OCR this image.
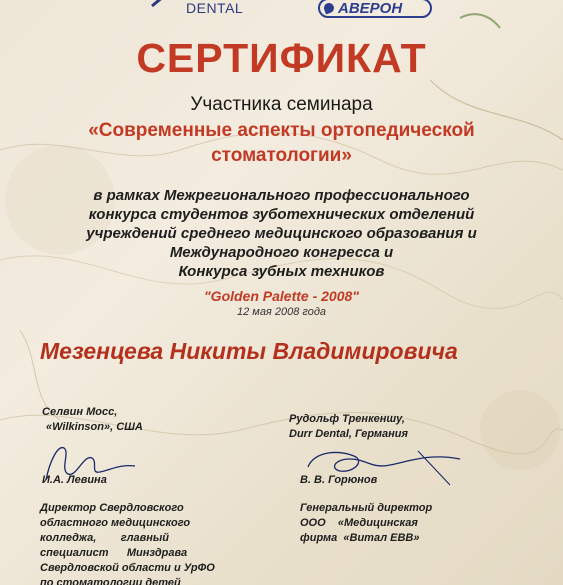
DENTAL	АВЕРОН
СЕРТИФИКАТ
Участника семинара
«Современные аспекты ортопедической
стоматологии»
в рамках Межрегионального профессионального
конкурса студентов зуботехнических отделений
учреждений среднего медицинского образования и
Международного конгресса и
Конкурса зубных техников
"Golden Palette - 2008"
12 мая 2008 года
Мезенцева Никиты Владимировича
Селвин Мосс,
«Wilkinson», США
Рудольф Тренкеншу,
Durr Dental, Германия
И.А. Левина	В. В. Горюнов
Директор Свердловского
областного медицинского
колледжа,        главный
специалист      Минздрава
Свердловской области и УрФО
по стоматологии детей
Генеральный директор
ООО    «Медицинская
фирма  «Витал ЕВВ»
